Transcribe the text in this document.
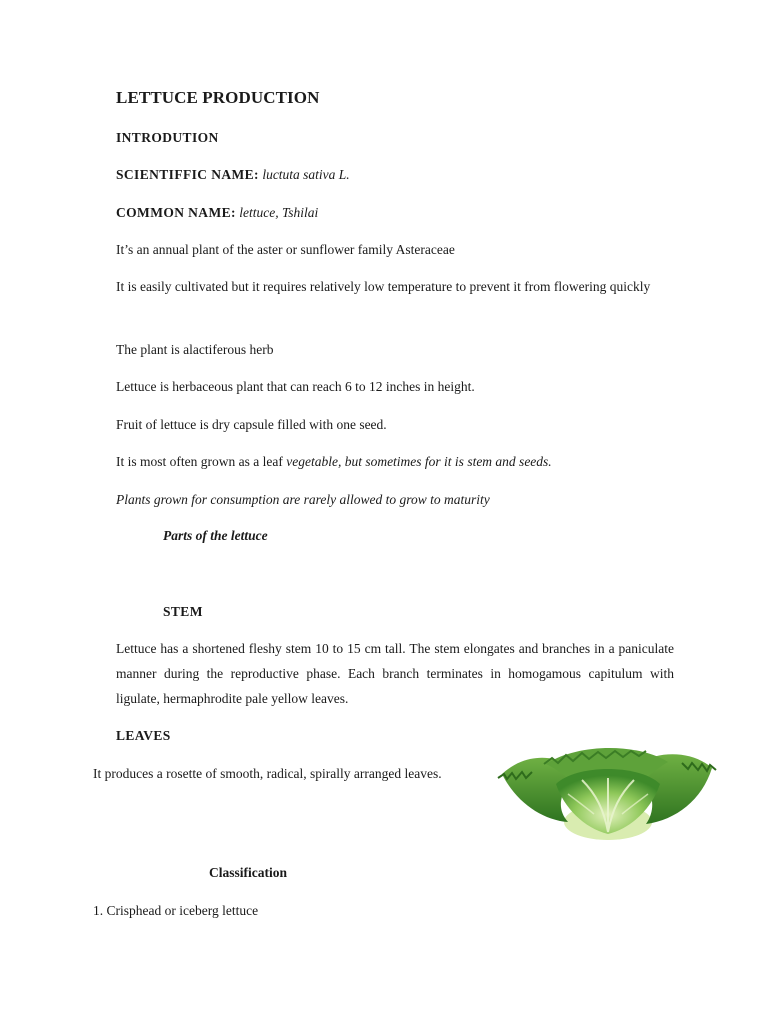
LETTUCE PRODUCTION

INTRODUTION

SCIENTIFFIC NAME: luctuta sativa L.

COMMON NAME: lettuce, Tshilai

It’s an annual plant of the aster or sunflower family Asteraceae

It is easily cultivated but it requires relatively low temperature to prevent it from flowering quickly

The plant is alactiferous herb

Lettuce is herbaceous plant that can reach 6 to 12 inches in height.

Fruit of lettuce is dry capsule filled with one seed.

It is most often grown as a leaf vegetable, but sometimes for it is stem and seeds.

Plants grown for consumption are rarely allowed to grow to maturity

Parts of the lettuce

STEM

Lettuce has a shortened fleshy stem 10 to 15 cm tall. The stem elongates and branches in a paniculate manner during the reproductive phase. Each branch terminates in homogamous capitulum with ligulate, hermaphrodite pale yellow leaves.

LEAVES

It produces a rosette of smooth, radical, spirally arranged leaves.

Classification

1. Crisphead or iceberg lettuce
